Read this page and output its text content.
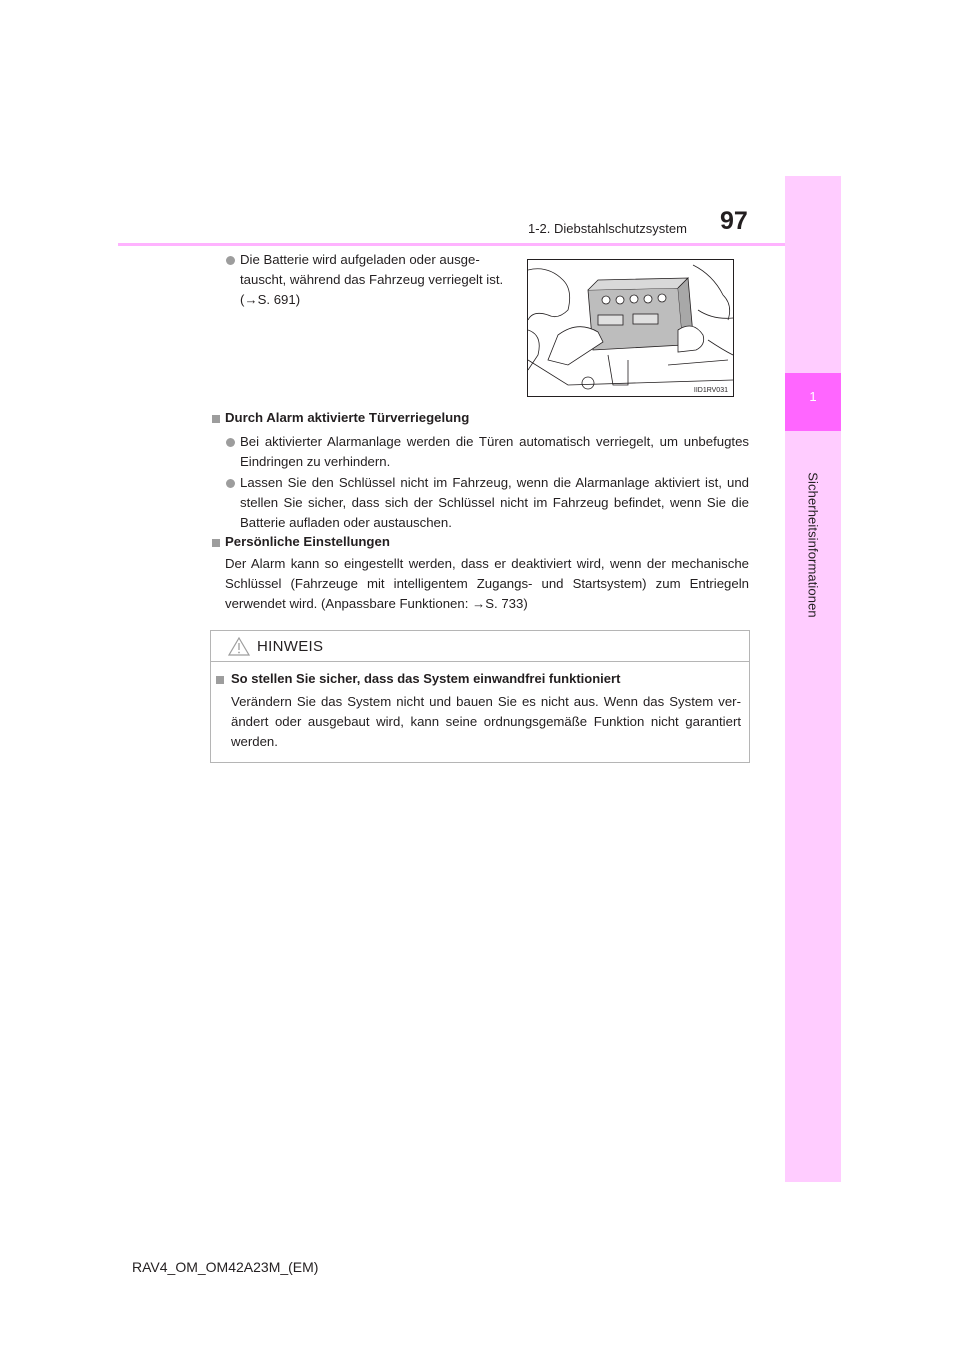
1
Sicherheitsinformationen
1-2. Diebstahlschutzsystem 97
Die Batterie wird aufgeladen oder ausge-
tauscht, während das Fahrzeug verriegelt ist.
(→S. 691)
IID1RV031
Durch Alarm aktivierte Türverriegelung
Bei aktivierter Alarmanlage werden die Türen automatisch verriegelt, um unbefugtes Eindringen zu verhindern.
Lassen Sie den Schlüssel nicht im Fahrzeug, wenn die Alarmanlage aktiviert ist, und stellen Sie sicher, dass sich der Schlüssel nicht im Fahrzeug befindet, wenn Sie die Batterie aufladen oder austauschen.
Persönliche Einstellungen
Der Alarm kann so eingestellt werden, dass er deaktiviert wird, wenn der mechanische Schlüssel (Fahrzeuge mit intelligentem Zugangs- und Startsystem) zum Entriegeln verwendet wird. (Anpassbare Funktionen: →S. 733)
HINWEIS
So stellen Sie sicher, dass das System einwandfrei funktioniert
Verändern Sie das System nicht und bauen Sie es nicht aus. Wenn das System verändert oder ausgebaut wird, kann seine ordnungsgemäße Funktion nicht garantiert werden.
RAV4_OM_OM42A23M_(EM)
